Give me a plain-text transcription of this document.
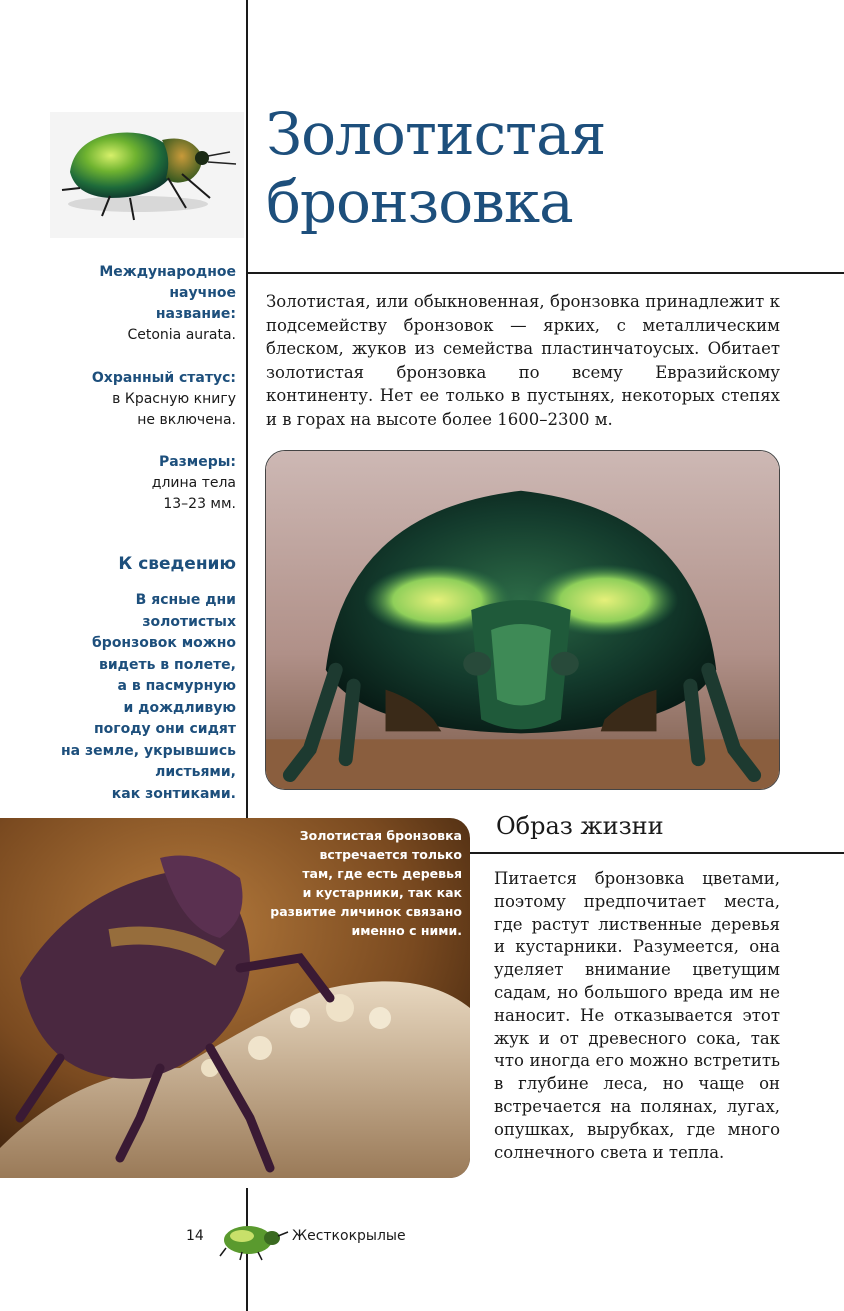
Золотистая
бронзовка
Международное
научное
название:
Cetonia aurata.
Охранный статус:
в Красную книгу
не включена.
Размеры:
длина тела
13–23 мм.
К сведению
В ясные дни
золотистых
бронзовок можно
видеть в полете,
а в пасмурную
и дождливую
погоду они сидят
на земле, укрывшись
листьями,
как зонтиками.

Золотистая, или обыкновенная, бронзовка принадлежит к подсемейству бронзовок — ярких, с металлическим блеском, жуков из семейства пластинчатоусых. Обитает золотистая бронзовка по всему Евразийскому континенту. Нет ее только в пустынях, некоторых степях и в горах на высоте более 1600–2300 м.

Золотистая бронзовка
встречается только
там, где есть деревья
и кустарники, так как
развитие личинок связано
именно с ними.
Образ жизни

Питается бронзовка цветами, поэтому предпочитает места, где растут лиственные деревья и кустарники. Разумеется, она уделяет внимание цветущим садам, но большого вреда им не наносит. Не отказывается этот жук и от древесного сока, так что иногда его можно встретить в глубине леса, но чаще он встречается на полянах, лугах, опушках, вырубках, где много солнечного света и тепла.

14	Жесткокрылые
